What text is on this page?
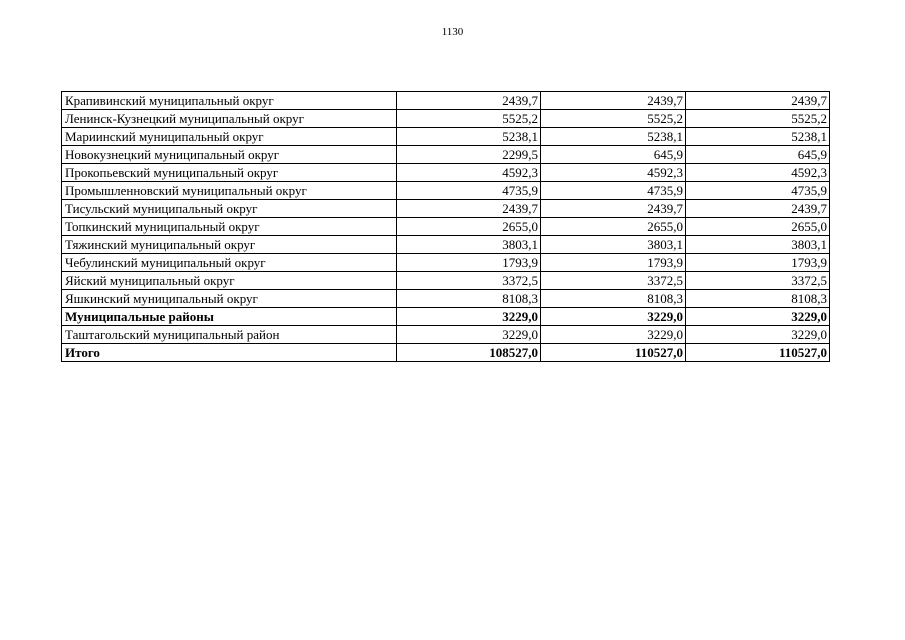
1130
Крапивинский муниципальный округ	2439,7	2439,7	2439,7
Ленинск-Кузнецкий муниципальный округ	5525,2	5525,2	5525,2
Мариинский муниципальный округ	5238,1	5238,1	5238,1
Новокузнецкий муниципальный округ	2299,5	645,9	645,9
Прокопьевский муниципальный округ	4592,3	4592,3	4592,3
Промышленновский муниципальный округ	4735,9	4735,9	4735,9
Тисульский муниципальный округ	2439,7	2439,7	2439,7
Топкинский муниципальный округ	2655,0	2655,0	2655,0
Тяжинский муниципальный округ	3803,1	3803,1	3803,1
Чебулинский муниципальный округ	1793,9	1793,9	1793,9
Яйский муниципальный округ	3372,5	3372,5	3372,5
Яшкинский муниципальный округ	8108,3	8108,3	8108,3
Муниципальные районы	3229,0	3229,0	3229,0
Таштагольский муниципальный район	3229,0	3229,0	3229,0
Итого	108527,0	110527,0	110527,0
